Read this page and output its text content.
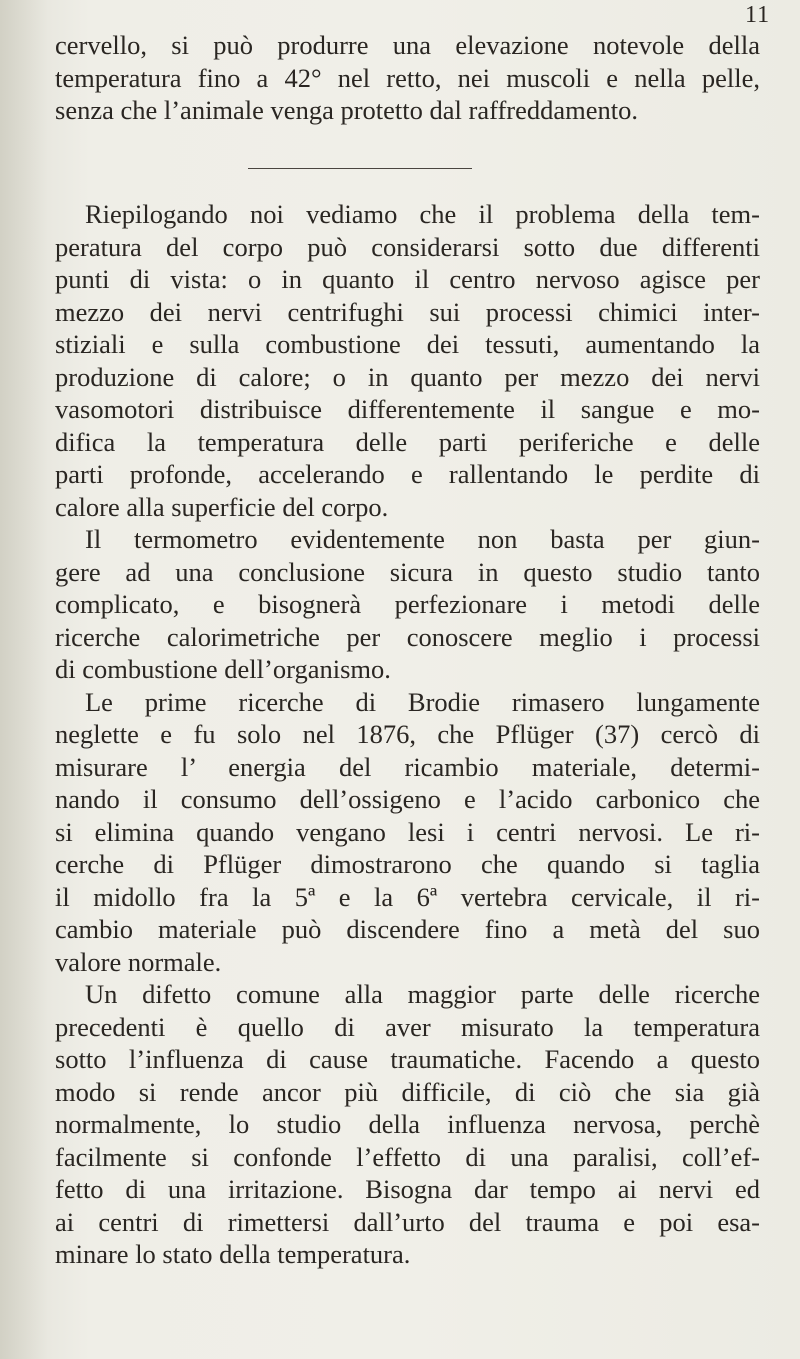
11
cervello, si può produrre una elevazione notevole della
temperatura fino a 42° nel retto, nei muscoli e nella pelle,
senza che l’animale venga protetto dal raffreddamento.
Riepilogando noi vediamo che il problema della tem-
peratura del corpo può considerarsi sotto due differenti
punti di vista: o in quanto il centro nervoso agisce per
mezzo dei nervi centrifughi sui processi chimici inter-
stiziali e sulla combustione dei tessuti, aumentando la
produzione di calore; o in quanto per mezzo dei nervi
vasomotori distribuisce differentemente il sangue e mo-
difica la temperatura delle parti periferiche e delle
parti profonde, accelerando e rallentando le perdite di
calore alla superficie del corpo.
Il termometro evidentemente non basta per giun-
gere ad una conclusione sicura in questo studio tanto
complicato, e bisognerà perfezionare i metodi delle
ricerche calorimetriche per conoscere meglio i processi
di combustione dell’organismo.
Le prime ricerche di Brodie rimasero lungamente
neglette e fu solo nel 1876, che Pflüger (37) cercò di
misurare l’ energia del ricambio materiale, determi-
nando il consumo dell’ossigeno e l’acido carbonico che
si elimina quando vengano lesi i centri nervosi. Le ri-
cerche di Pflüger dimostrarono che quando si taglia
il midollo fra la 5ª e la 6ª vertebra cervicale, il ri-
cambio materiale può discendere fino a metà del suo
valore normale.
Un difetto comune alla maggior parte delle ricerche
precedenti è quello di aver misurato la temperatura
sotto l’influenza di cause traumatiche. Facendo a questo
modo si rende ancor più difficile, di ciò che sia già
normalmente, lo studio della influenza nervosa, perchè
facilmente si confonde l’effetto di una paralisi, coll’ef-
fetto di una irritazione. Bisogna dar tempo ai nervi ed
ai centri di rimettersi dall’urto del trauma e poi esa-
minare lo stato della temperatura.
